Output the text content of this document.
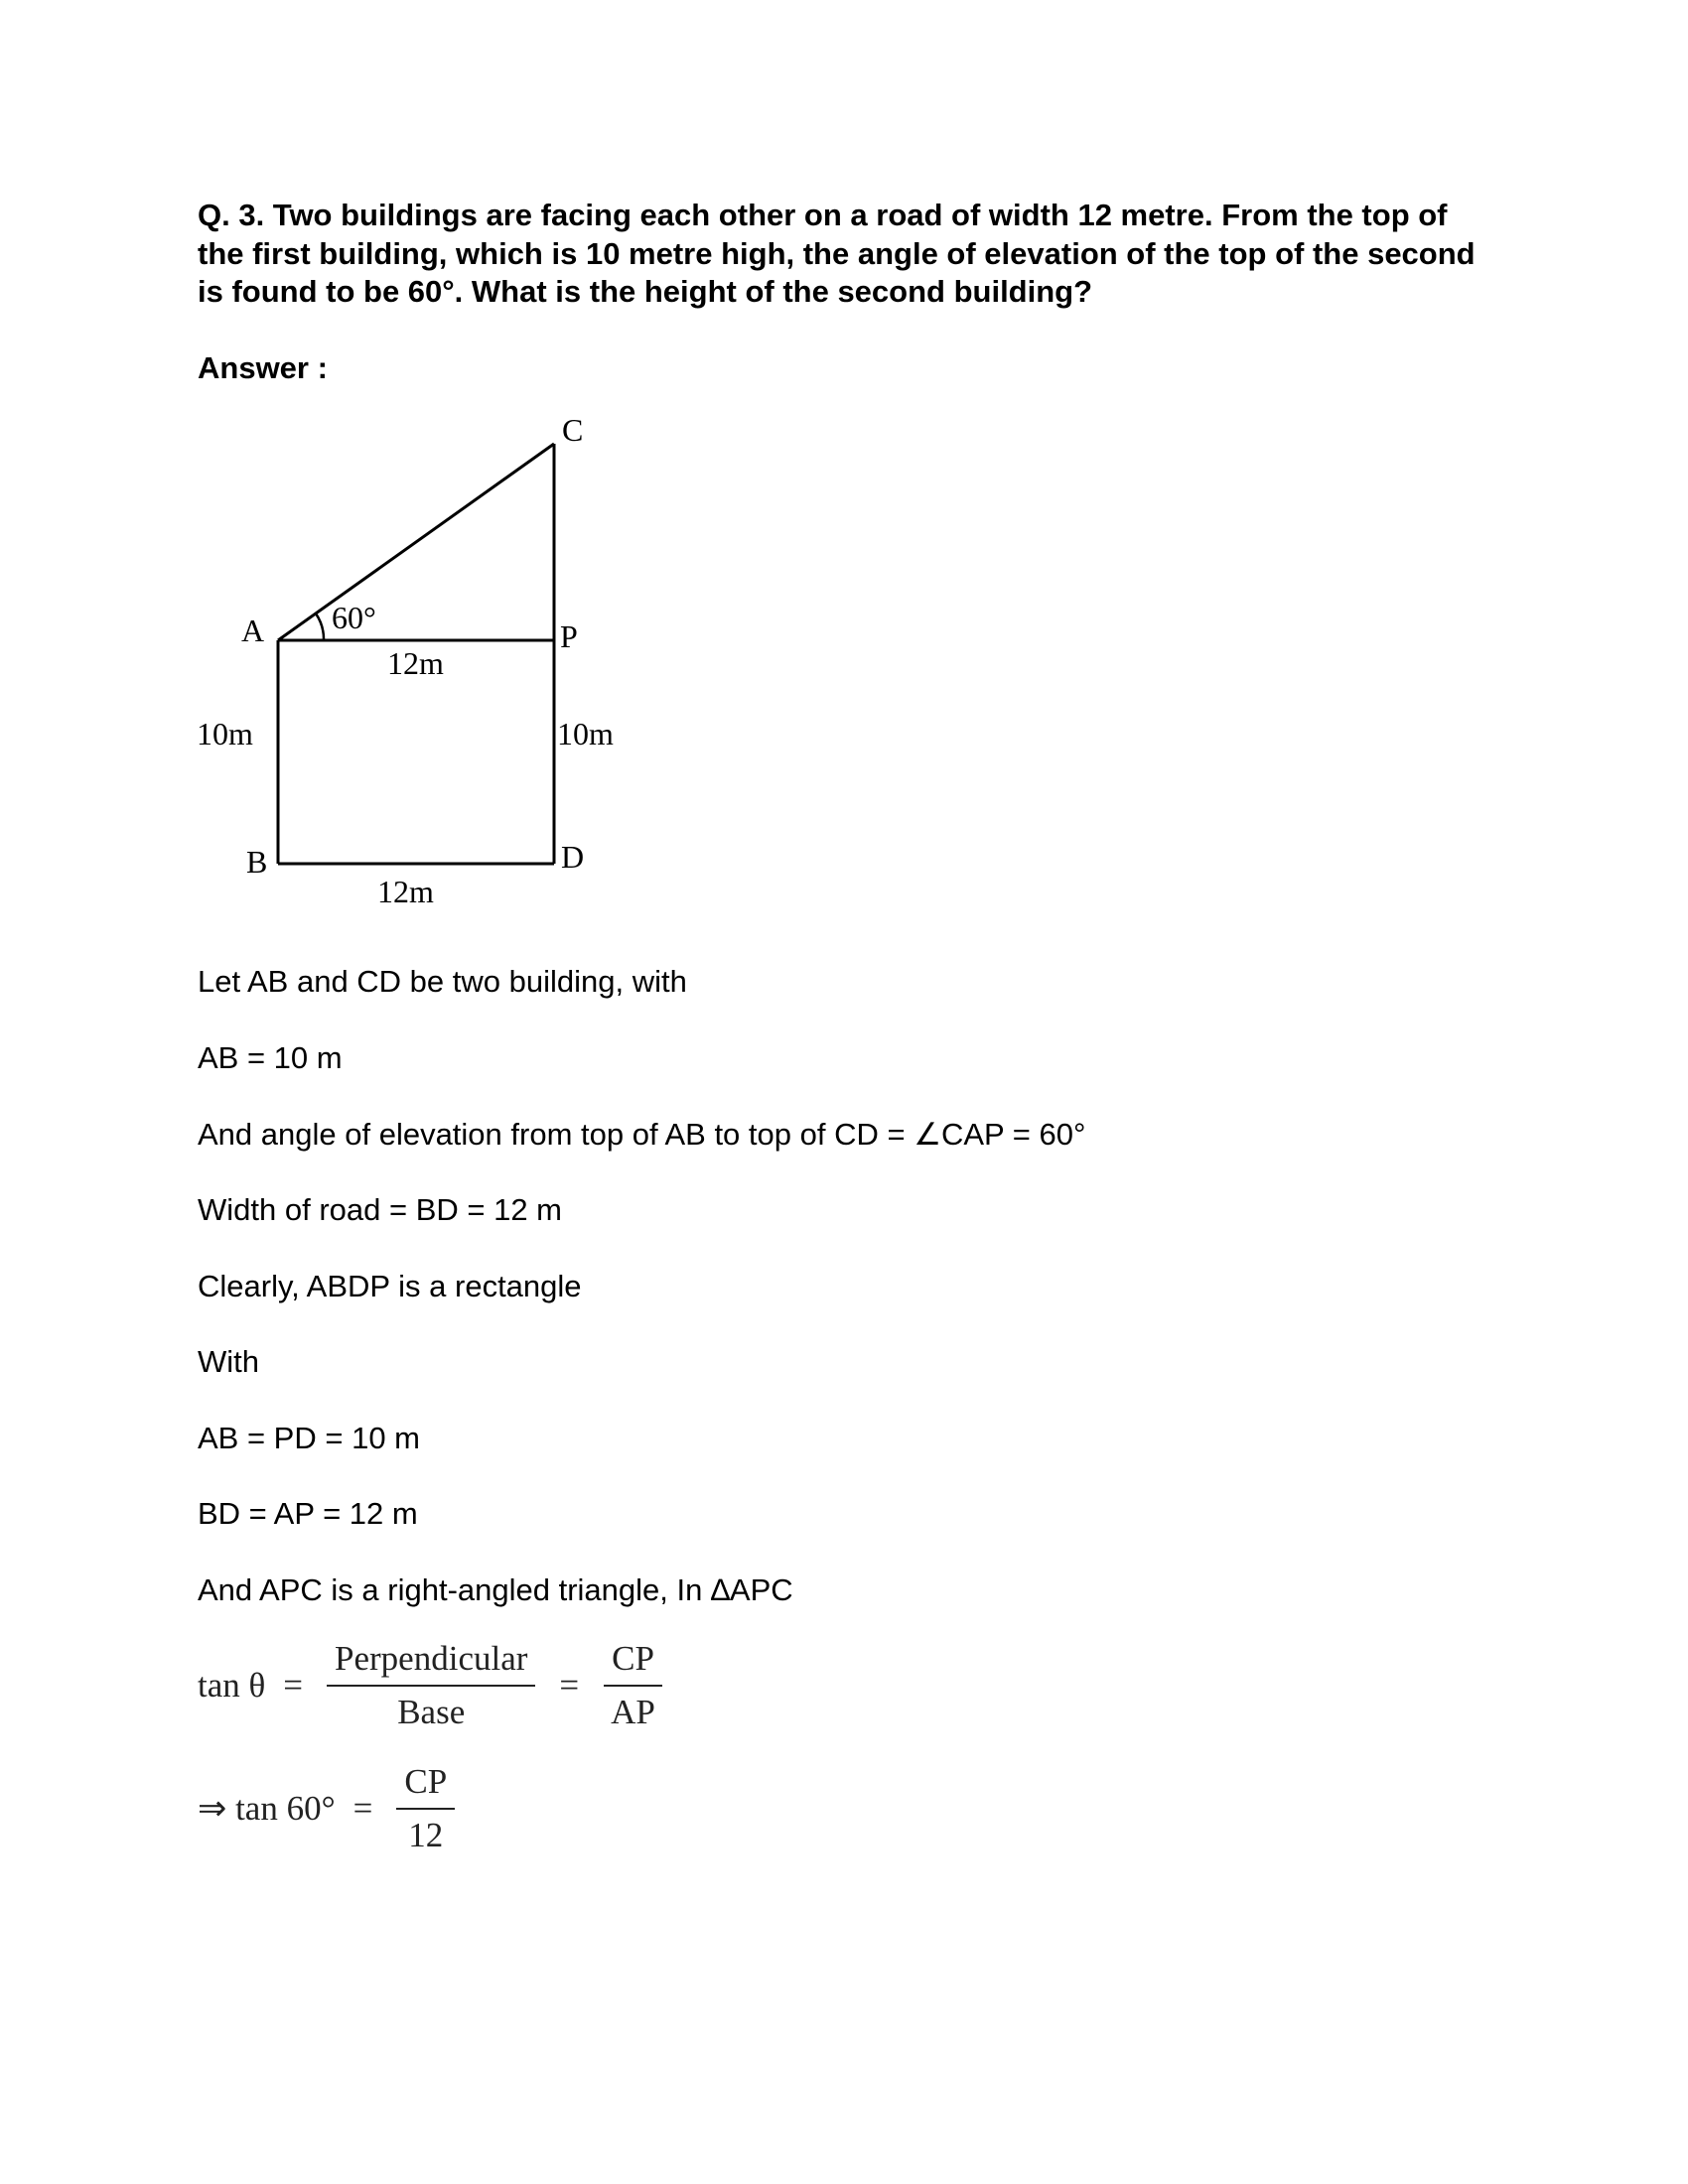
Q. 3. Two buildings are facing each other on a road of width 12 metre. From the top of the first building, which is 10 metre high, the angle of elevation of the top of the second is found to be 60°. What is the height of the second building?

Answer :

C
A	P
B	D
60°
12m
10m	10m
12m

Let AB and CD be two building, with

AB = 10 m

And angle of elevation from top of AB to top of CD = ∠CAP = 60°

Width of road = BD = 12 m

Clearly, ABDP is a rectangle

With

AB = PD = 10 m

BD = AP = 12 m

And APC is a right-angled triangle, In ∆APC

$\tan \theta = \frac{\text{Perpendicular}}{\text{Base}} = \frac{CP}{AP}$
⇒ $\tan 60^\circ = \frac{CP}{12}$
